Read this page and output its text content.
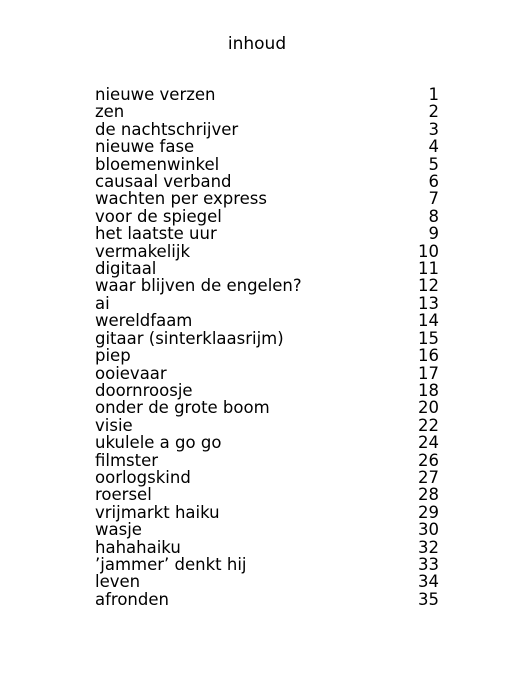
inhoud
nieuwe verzen	1
zen	2
de nachtschrijver	3
nieuwe fase	4
bloemenwinkel	5
causaal verband	6
wachten per express	7
voor de spiegel	8
het laatste uur	9
vermakelijk	10
digitaal	11
waar blijven de engelen?	12
ai	13
wereldfaam	14
gitaar (sinterklaasrijm)	15
piep	16
ooievaar	17
doornroosje	18
onder de grote boom	20
visie	22
ukulele a go go	24
filmster	26
oorlogskind	27
roersel	28
vrijmarkt haiku	29
wasje	30
hahahaiku	32
’jammer’ denkt hij	33
leven	34
afronden	35
